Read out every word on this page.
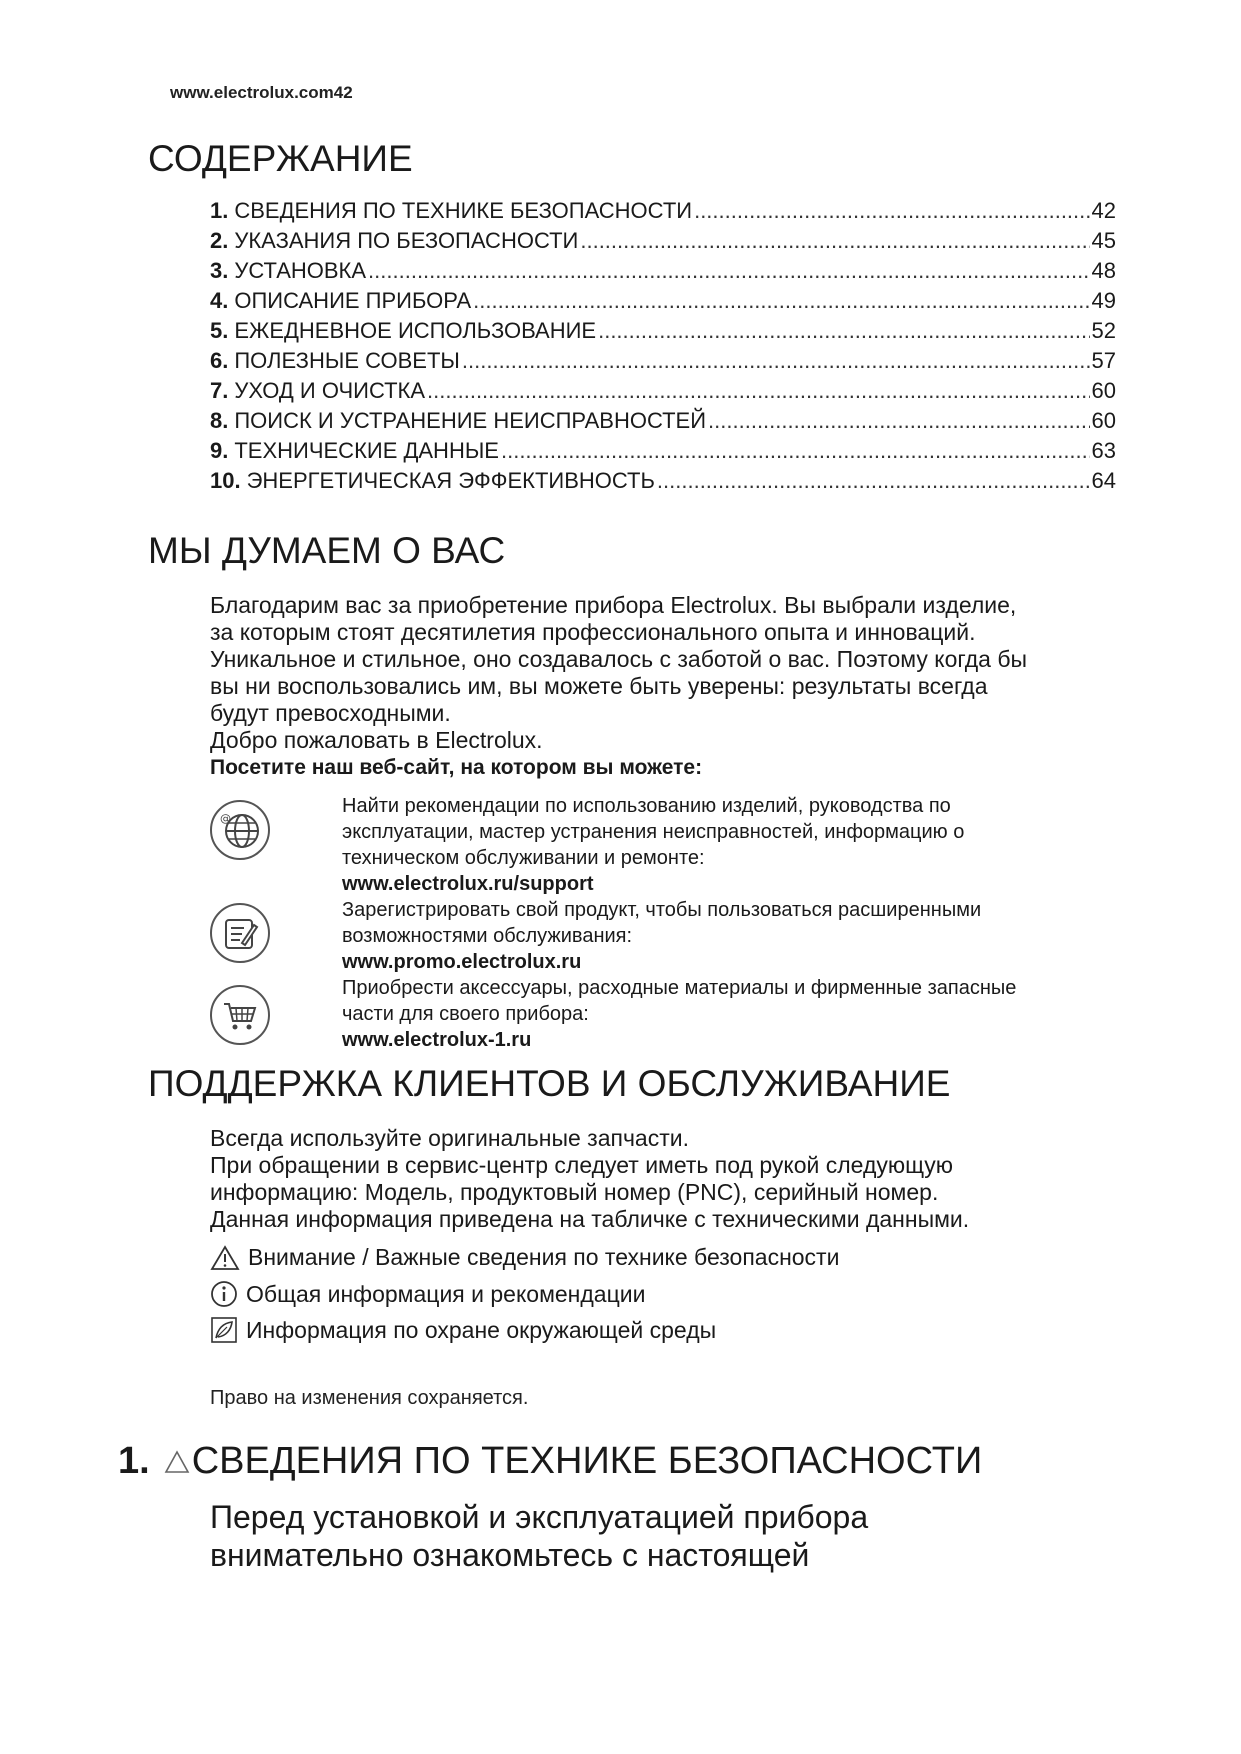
www.electrolux.com42
СОДЕРЖАНИЕ
1. СВЕДЕНИЯ ПО ТЕХНИКЕ БЕЗОПАСНОСТИ .....	42
2. УКАЗАНИЯ ПО БЕЗОПАСНОСТИ .....	45
3. УСТАНОВКА .....	48
4. ОПИСАНИЕ ПРИБОРА .....	49
5. ЕЖЕДНЕВНОЕ ИСПОЛЬЗОВАНИЕ .....	52
6. ПОЛЕЗНЫЕ СОВЕТЫ .....	57
7. УХОД И ОЧИСТКА .....	60
8. ПОИСК И УСТРАНЕНИЕ НЕИСПРАВНОСТЕЙ .....	60
9. ТЕХНИЧЕСКИЕ ДАННЫЕ .....	63
10. ЭНЕРГЕТИЧЕСКАЯ ЭФФЕКТИВНОСТЬ .....	64
МЫ ДУМАЕМ О ВАС

Благодарим вас за приобретение прибора Electrolux. Вы выбрали изделие,

за которым стоят десятилетия профессионального опыта и инноваций.

Уникальное и стильное, оно создавалось с заботой о вас. Поэтому когда бы

вы ни воспользовались им, вы можете быть уверены: результаты всегда

будут превосходными.

Добро пожаловать в Electrolux.

Посетите наш веб-сайт, на котором вы можете:

@

Найти рекомендации по использованию изделий, руководства по

эксплуатации, мастер устранения неисправностей, информацию о

техническом обслуживании и ремонте:

www.electrolux.ru/support

Зарегистрировать свой продукт, чтобы пользоваться расширенными

возможностями обслуживания:

www.promo.electrolux.ru

Приобрести аксессуары, расходные материалы и фирменные запасные

части для своего прибора:

www.electrolux-1.ru

ПОДДЕРЖКА КЛИЕНТОВ И ОБСЛУЖИВАНИЕ

Всегда используйте оригинальные запчасти.

При обращении в сервис-центр следует иметь под рукой следующую

информацию: Модель, продуктовый номер (PNC), серийный номер.

Данная информация приведена на табличке с техническими данными.

Внимание / Важные сведения по технике безопасности
Общая информация и рекомендации
Информация по охране окружающей среды
Право на изменения сохраняется.
1. СВЕДЕНИЯ ПО ТЕХНИКЕ БЕЗОПАСНОСТИ

Перед установкой и эксплуатацией прибора

внимательно ознакомьтесь с настоящей
